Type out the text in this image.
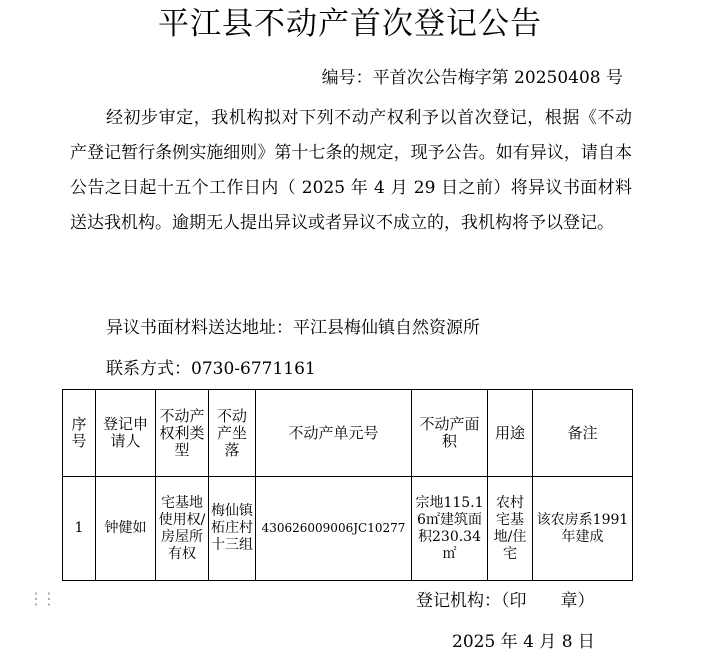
平江县不动产首次登记公告
编号：平首次公告梅字第 20250408 号
经初步审定，我机构拟对下列不动产权利予以首次登记，根据《不动产登记暂行条例实施细则》第十七条的规定，现予公告。如有异议，请自本公告之日起十五个工作日内（ 2025 年 4 月 29 日之前）将异议书面材料送达我机构。逾期无人提出异议或者异议不成立的，我机构将予以登记。
异议书面材料送达地址：平江县梅仙镇自然资源所
联系方式：0730-6771161
序号	登记申请人	不动产权利类型	不动产坐落	不动产单元号	不动产面积	用途	备注
1	钟健如	宅基地使用权/房屋所有权	梅仙镇柘庄村十三组	430626009006JC10277	宗地115.16㎡建筑面积230.34㎡	农村宅基地/住宅	该农房系1991年建成
⋮⋮	登记机构：（印　　章）
2025 年 4 月 8 日
